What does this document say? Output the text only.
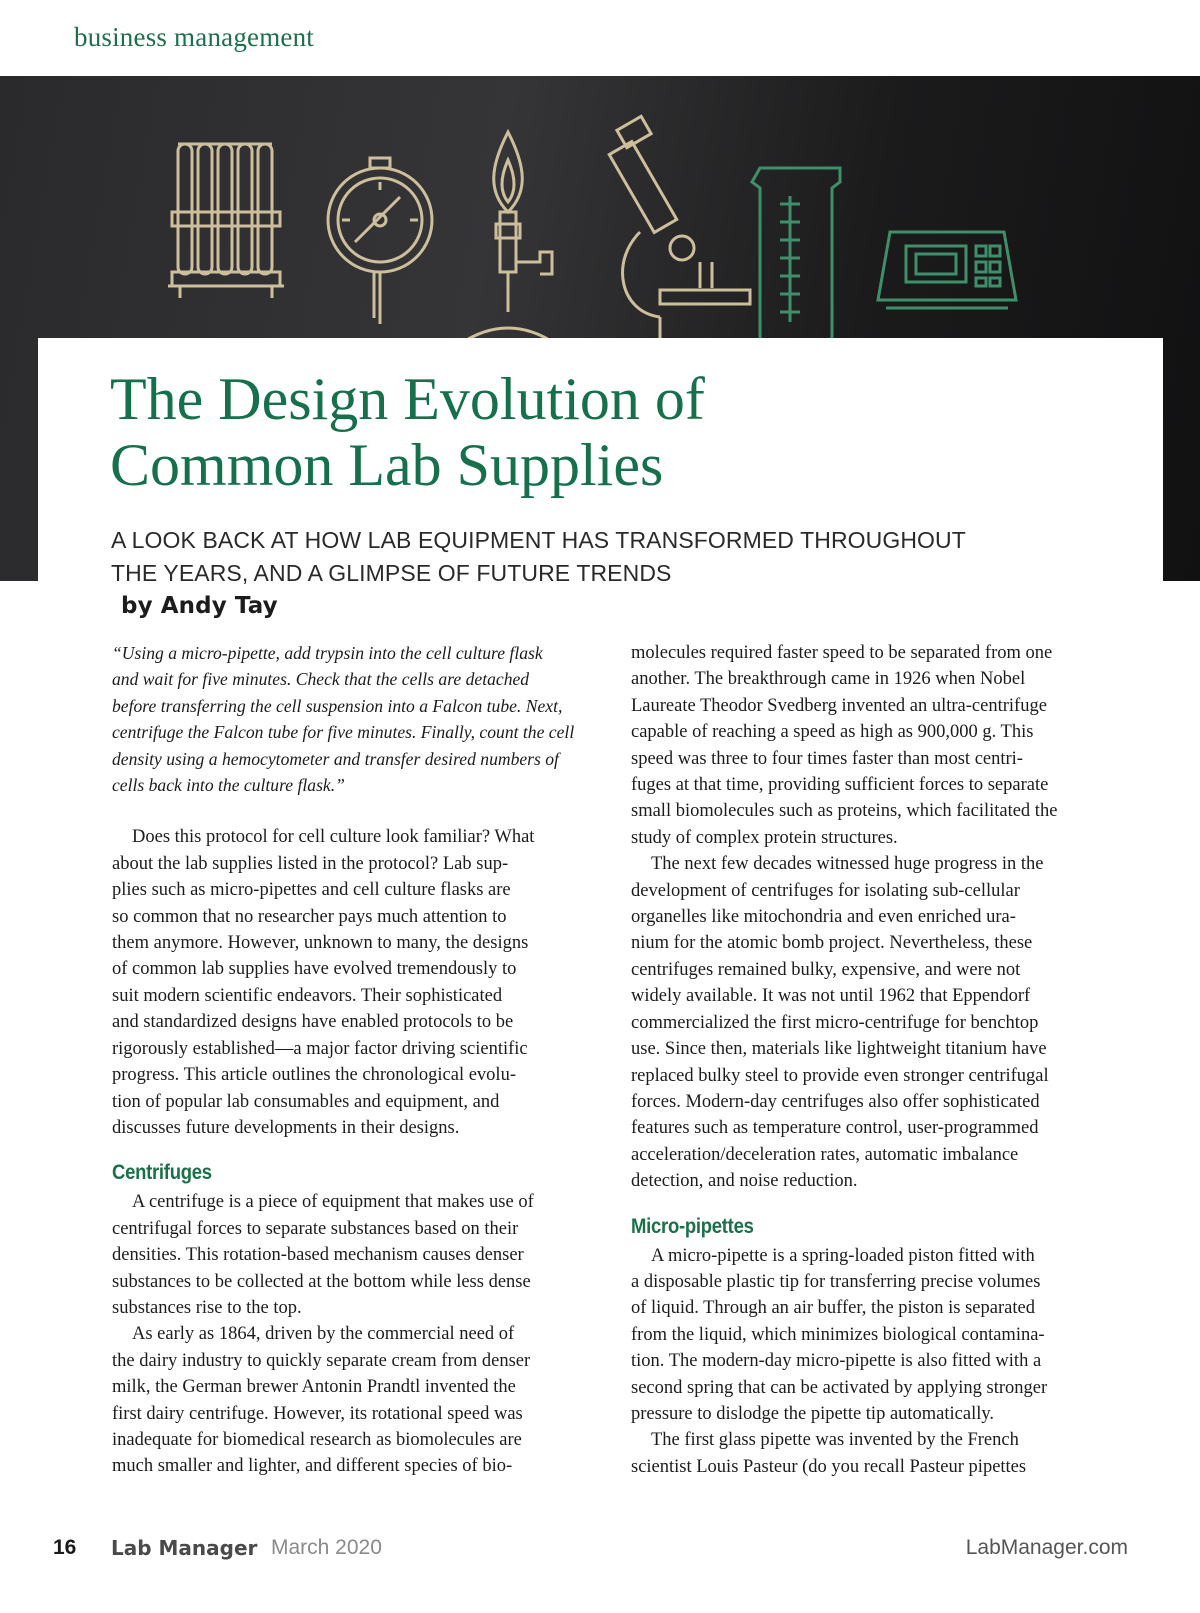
business management
The Design Evolution of
Common Lab Supplies
A LOOK BACK AT HOW LAB EQUIPMENT HAS TRANSFORMED THROUGHOUT
THE YEARS, AND A GLIMPSE OF FUTURE TRENDS
by Andy Tay

“Using a micro-pipette, add trypsin into the cell culture flask
and wait for five minutes. Check that the cells are detached
before transferring the cell suspension into a Falcon tube. Next,
centrifuge the Falcon tube for five minutes. Finally, count the cell
density using a hemocytometer and transfer desired numbers of
cells back into the culture flask.”

Does this protocol for cell culture look familiar? What
about the lab supplies listed in the protocol? Lab sup-
plies such as micro-pipettes and cell culture flasks are
so common that no researcher pays much attention to
them anymore. However, unknown to many, the designs
of common lab supplies have evolved tremendously to
suit modern scientific endeavors. Their sophisticated
and standardized designs have enabled protocols to be
rigorously established—a major factor driving scientific
progress. This article outlines the chronological evolu-
tion of popular lab consumables and equipment, and
discusses future developments in their designs.

Centrifuges

A centrifuge is a piece of equipment that makes use of
centrifugal forces to separate substances based on their
densities. This rotation-based mechanism causes denser
substances to be collected at the bottom while less dense
substances rise to the top.

As early as 1864, driven by the commercial need of
the dairy industry to quickly separate cream from denser
milk, the German brewer Antonin Prandtl invented the
first dairy centrifuge. However, its rotational speed was
inadequate for biomedical research as biomolecules are
much smaller and lighter, and different species of bio-

molecules required faster speed to be separated from one
another. The breakthrough came in 1926 when Nobel
Laureate Theodor Svedberg invented an ultra-centrifuge
capable of reaching a speed as high as 900,000 g. This
speed was three to four times faster than most centri-
fuges at that time, providing sufficient forces to separate
small biomolecules such as proteins, which facilitated the
study of complex protein structures.

The next few decades witnessed huge progress in the
development of centrifuges for isolating sub-cellular
organelles like mitochondria and even enriched ura-
nium for the atomic bomb project. Nevertheless, these
centrifuges remained bulky, expensive, and were not
widely available. It was not until 1962 that Eppendorf
commercialized the first micro-centrifuge for benchtop
use. Since then, materials like lightweight titanium have
replaced bulky steel to provide even stronger centrifugal
forces. Modern-day centrifuges also offer sophisticated
features such as temperature control, user-programmed
acceleration/deceleration rates, automatic imbalance
detection, and noise reduction.

Micro-pipettes

A micro-pipette is a spring-loaded piston fitted with
a disposable plastic tip for transferring precise volumes
of liquid. Through an air buffer, the piston is separated
from the liquid, which minimizes biological contamina-
tion. The modern-day micro-pipette is also fitted with a
second spring that can be activated by applying stronger
pressure to dislodge the pipette tip automatically.

The first glass pipette was invented by the French
scientist Louis Pasteur (do you recall Pasteur pipettes

16 Lab Manager March 2020	LabManager.com
